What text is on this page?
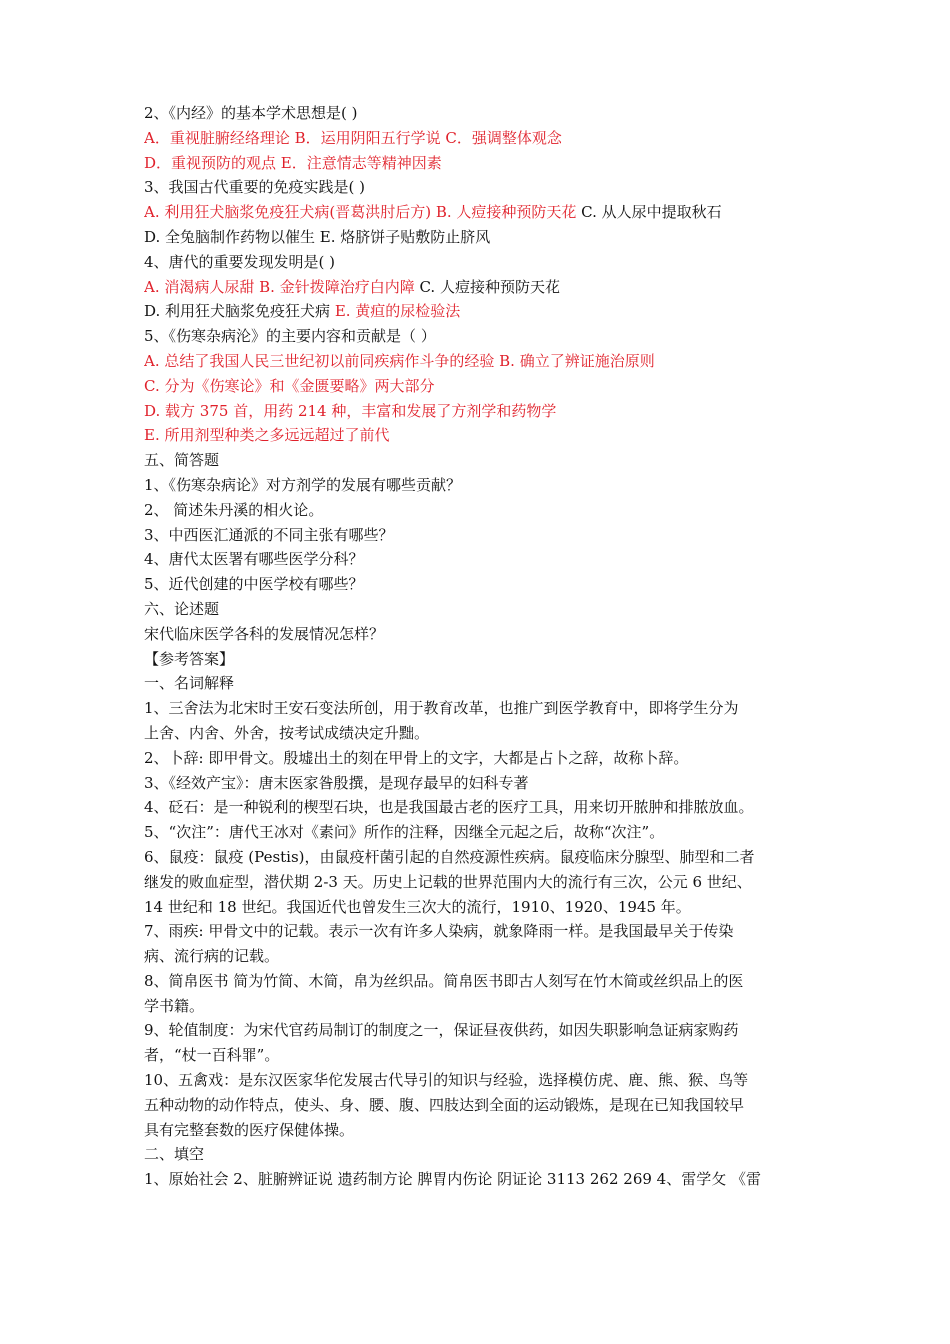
2、《内经》的基本学术思想是( )
A．重视脏腑经络理论 B．运用阴阳五行学说 C．强调整体观念
D．重视预防的观点 E．注意情志等精神因素
3、我国古代重要的免疫实践是( )
A. 利用狂犬脑浆免疫狂犬病(晋葛洪肘后方) B. 人痘接种预防天花 C. 从人尿中提取秋石
D. 全兔脑制作药物以催生 E. 烙脐饼子贴敷防止脐风
4、唐代的重要发现发明是( )
A. 消渴病人尿甜 B. 金针拨障治疗白内障 C. 人痘接种预防天花
D. 利用狂犬脑浆免疫狂犬病 E. 黄疸的尿检验法
5、《伤寒杂病沦》的主要内容和贡献是（ ）
A. 总结了我国人民三世纪初以前同疾病作斗争的经验 B. 确立了辨证施治原则
C. 分为《伤寒论》和《金匮要略》两大部分
D. 载方 375 首，用药 214 种，丰富和发展了方剂学和药物学
E. 所用剂型种类之多远远超过了前代
五、简答题
1、《伤寒杂病论》对方剂学的发展有哪些贡献？
2、 简述朱丹溪的相火论。
3、中西医汇通派的不同主张有哪些？
4、唐代太医署有哪些医学分科？
5、近代创建的中医学校有哪些？
六、论述题
宋代临床医学各科的发展情况怎样？
【参考答案】
一、名词解释
1、三舍法为北宋时王安石变法所创，用于教育改革，也推广到医学教育中，即将学生分为
上舍、内舍、外舍，按考试成绩决定升黜。
2、卜辞: 即甲骨文。殷墟出土的刻在甲骨上的文字，大都是占卜之辞，故称卜辞。
3、《经效产宝》：唐末医家昝殷撰，是现存最早的妇科专著
4、砭石：是一种锐利的楔型石块，也是我国最古老的医疗工具，用来切开脓肿和排脓放血。
5、“次注”：唐代王冰对《素问》所作的注释，因继全元起之后，故称“次注”。
6、鼠疫：鼠疫 (Pestis)，由鼠疫杆菌引起的自然疫源性疾病。鼠疫临床分腺型、肺型和二者
继发的败血症型，潜伏期 2-3 天。历史上记载的世界范围内大的流行有三次，公元 6 世纪、
14 世纪和 18 世纪。我国近代也曾发生三次大的流行，1910、1920、1945 年。
7、雨疾: 甲骨文中的记载。表示一次有许多人染病，就象降雨一样。是我国最早关于传染
病、流行病的记载。
8、简帛医书 简为竹简、木简，帛为丝织品。简帛医书即古人刻写在竹木简或丝织品上的医
学书籍。
9、轮值制度：为宋代官药局制订的制度之一，保证昼夜供药，如因失职影响急证病家购药
者，“杖一百科罪”。
10、五禽戏：是东汉医家华佗发展古代导引的知识与经验，选择模仿虎、鹿、熊、猴、鸟等
五种动物的动作特点，使头、身、腰、腹、四肢达到全面的运动锻炼，是现在已知我国较早
具有完整套数的医疗保健体操。
二、填空
1、原始社会 2、脏腑辨证说 遗药制方论 脾胃内伤论 阴证论 3113 262 269 4、雷学攵 《雷
